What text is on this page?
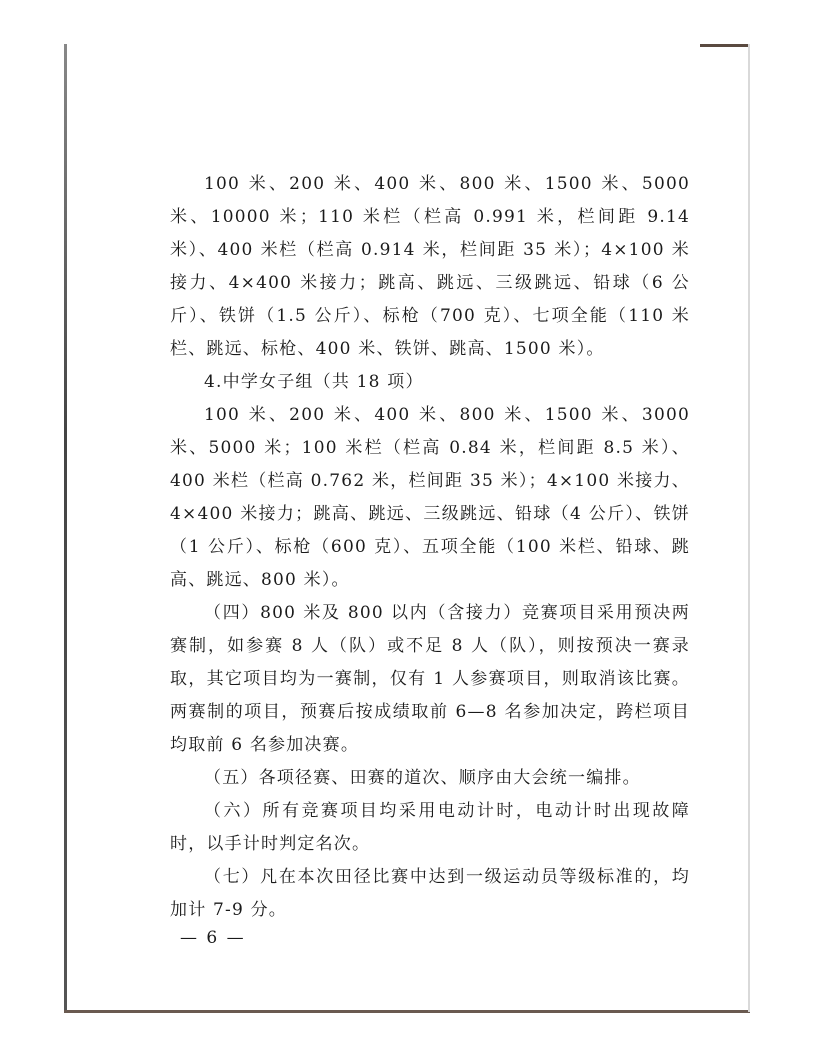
100 米、200 米、400 米、800 米、1500 米、5000 米、10000 米；110 米栏（栏高 0.991 米，栏间距 9.14 米）、400 米栏（栏高 0.914 米，栏间距 35 米）；4×100 米接力、4×400 米接力；跳高、跳远、三级跳远、铅球（6 公斤）、铁饼（1.5 公斤）、标枪（700 克）、七项全能（110 米栏、跳远、标枪、400 米、铁饼、跳高、1500 米）。

4.中学女子组（共 18 项）

100 米、200 米、400 米、800 米、1500 米、3000 米、5000 米；100 米栏（栏高 0.84 米，栏间距 8.5 米）、400 米栏（栏高 0.762 米，栏间距 35 米）；4×100 米接力、4×400 米接力；跳高、跳远、三级跳远、铅球（4 公斤）、铁饼（1 公斤）、标枪（600 克）、五项全能（100 米栏、铅球、跳高、跳远、800 米）。

（四）800 米及 800 以内（含接力）竞赛项目采用预决两赛制，如参赛 8 人（队）或不足 8 人（队），则按预决一赛录取，其它项目均为一赛制，仅有 1 人参赛项目，则取消该比赛。两赛制的项目，预赛后按成绩取前 6—8 名参加决定，跨栏项目均取前 6 名参加决赛。

（五）各项径赛、田赛的道次、顺序由大会统一编排。

（六）所有竞赛项目均采用电动计时，电动计时出现故障时，以手计时判定名次。

（七）凡在本次田径比赛中达到一级运动员等级标准的，均加计 7-9 分。

— 6 —
